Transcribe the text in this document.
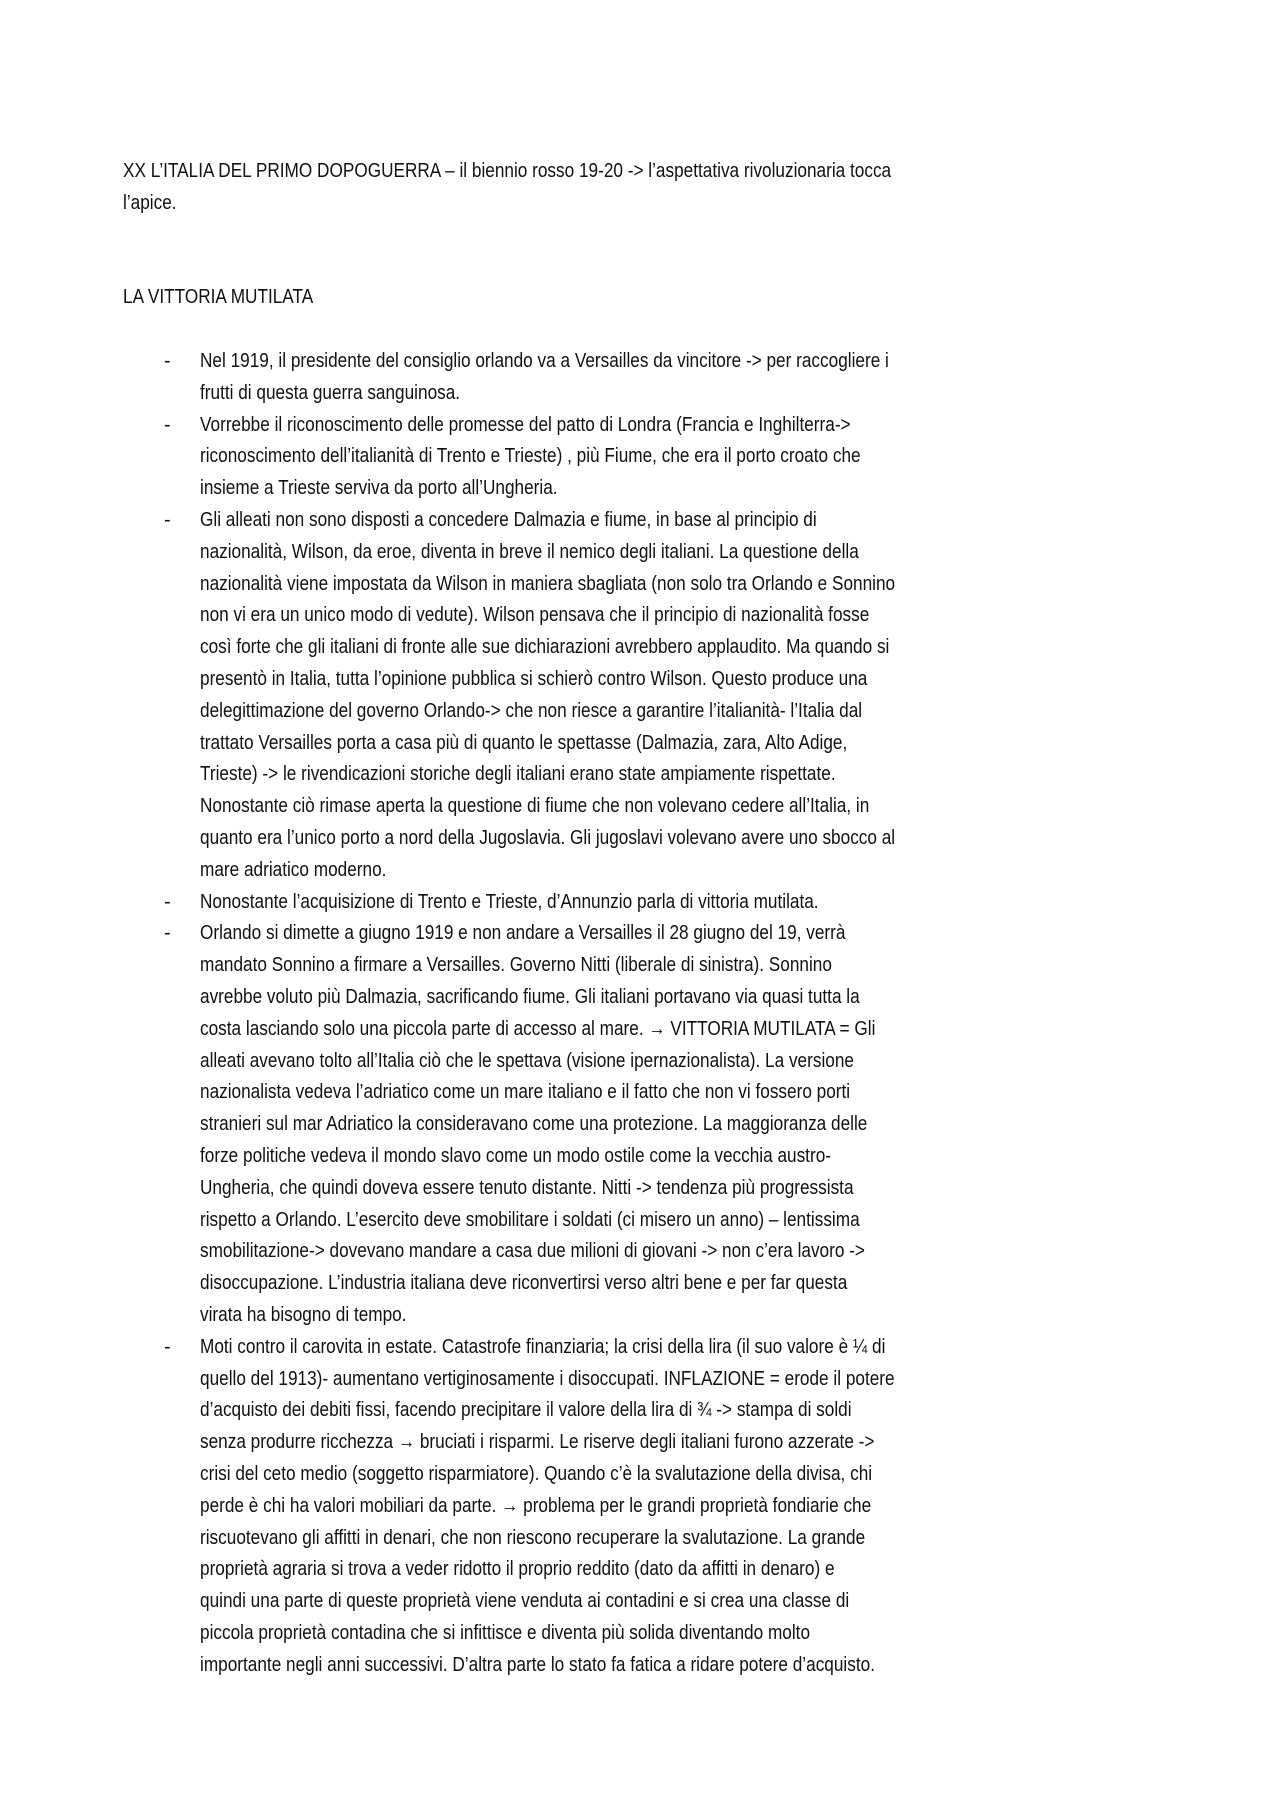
XX L’ITALIA DEL PRIMO DOPOGUERRA – il biennio rosso 19-20 -> l’aspettativa rivoluzionaria tocca
l’apice.
LA VITTORIA MUTILATA
- Nel 1919, il presidente del consiglio orlando va a Versailles da vincitore -> per raccogliere i
frutti di questa guerra sanguinosa.
- Vorrebbe il riconoscimento delle promesse del patto di Londra (Francia e Inghilterra->
riconoscimento dell’italianità di Trento e Trieste) , più Fiume, che era il porto croato che
insieme a Trieste serviva da porto all’Ungheria.
- Gli alleati non sono disposti a concedere Dalmazia e fiume, in base al principio di
nazionalità, Wilson, da eroe, diventa in breve il nemico degli italiani. La questione della
nazionalità viene impostata da Wilson in maniera sbagliata (non solo tra Orlando e Sonnino
non vi era un unico modo di vedute). Wilson pensava che il principio di nazionalità fosse
così forte che gli italiani di fronte alle sue dichiarazioni avrebbero applaudito. Ma quando si
presentò in Italia, tutta l’opinione pubblica si schierò contro Wilson. Questo produce una
delegittimazione del governo Orlando-> che non riesce a garantire l’italianità- l’Italia dal
trattato Versailles porta a casa più di quanto le spettasse (Dalmazia, zara, Alto Adige,
Trieste) -> le rivendicazioni storiche degli italiani erano state ampiamente rispettate.
Nonostante ciò rimase aperta la questione di fiume che non volevano cedere all’Italia, in
quanto era l’unico porto a nord della Jugoslavia. Gli jugoslavi volevano avere uno sbocco al
mare adriatico moderno.
- Nonostante l’acquisizione di Trento e Trieste, d’Annunzio parla di vittoria mutilata.
- Orlando si dimette a giugno 1919 e non andare a Versailles il 28 giugno del 19, verrà
mandato Sonnino a firmare a Versailles. Governo Nitti (liberale di sinistra). Sonnino
avrebbe voluto più Dalmazia, sacrificando fiume. Gli italiani portavano via quasi tutta la
costa lasciando solo una piccola parte di accesso al mare. → VITTORIA MUTILATA = Gli
alleati avevano tolto all’Italia ciò che le spettava (visione ipernazionalista). La versione
nazionalista vedeva l’adriatico come un mare italiano e il fatto che non vi fossero porti
stranieri sul mar Adriatico la consideravano come una protezione. La maggioranza delle
forze politiche vedeva il mondo slavo come un modo ostile come la vecchia austro-
Ungheria, che quindi doveva essere tenuto distante. Nitti -> tendenza più progressista
rispetto a Orlando. L’esercito deve smobilitare i soldati (ci misero un anno) – lentissima
smobilitazione-> dovevano mandare a casa due milioni di giovani -> non c’era lavoro ->
disoccupazione. L’industria italiana deve riconvertirsi verso altri bene e per far questa
virata ha bisogno di tempo.
- Moti contro il carovita in estate. Catastrofe finanziaria; la crisi della lira (il suo valore è ¼ di
quello del 1913)- aumentano vertiginosamente i disoccupati. INFLAZIONE = erode il potere
d’acquisto dei debiti fissi, facendo precipitare il valore della lira di ¾ -> stampa di soldi
senza produrre ricchezza → bruciati i risparmi. Le riserve degli italiani furono azzerate ->
crisi del ceto medio (soggetto risparmiatore). Quando c’è la svalutazione della divisa, chi
perde è chi ha valori mobiliari da parte. → problema per le grandi proprietà fondiarie che
riscuotevano gli affitti in denari, che non riescono recuperare la svalutazione. La grande
proprietà agraria si trova a veder ridotto il proprio reddito (dato da affitti in denaro) e
quindi una parte di queste proprietà viene venduta ai contadini e si crea una classe di
piccola proprietà contadina che si infittisce e diventa più solida diventando molto
importante negli anni successivi. D’altra parte lo stato fa fatica a ridare potere d’acquisto.
